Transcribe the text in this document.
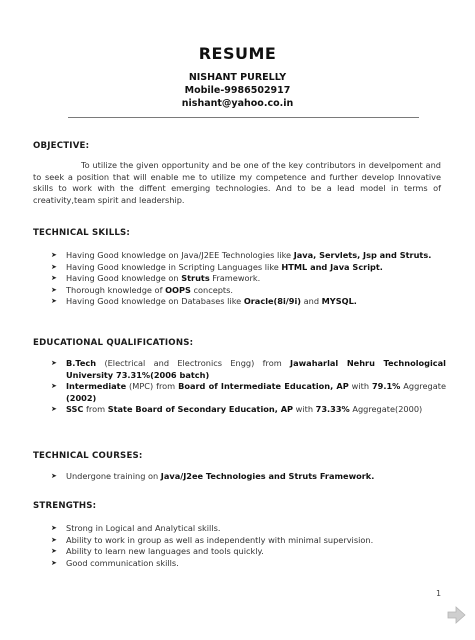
RESUME
NISHANT PURELLY
Mobile-9986502917
nishant@yahoo.co.in
OBJECTIVE:
To utilize the given opportunity and be one of the key contributors in develpoment and to seek a position that will enable me to utilize my competence and further develop Innovative skills to work with the diffent emerging technologies. And to be a lead model in terms of creativity,team spirit and leadership.
TECHNICAL SKILLS:
➤ Having Good knowledge on Java/J2EE Technologies like Java, Servlets, Jsp and Struts.
➤ Having Good knowledge in Scripting Languages like HTML and Java Script.
➤ Having Good knowledge on Struts Framework.
➤ Thorough knowledge of OOPS concepts.
➤ Having Good knowledge on Databases like Oracle(8i/9i) and MYSQL.
EDUCATIONAL QUALIFICATIONS:
➤ B.Tech (Electrical and Electronics Engg) from Jawaharlal Nehru Technological University 73.31%(2006 batch)
➤ Intermediate (MPC) from Board of Intermediate Education, AP with 79.1% Aggregate (2002)
➤ SSC from State Board of Secondary Education, AP with 73.33% Aggregate(2000)
TECHNICAL COURSES:
➤ Undergone training on Java/J2ee Technologies and Struts Framework.
STRENGTHS:
➤ Strong in Logical and Analytical skills.
➤ Ability to work in group as well as independently with minimal supervision.
➤ Ability to learn new languages and tools quickly.
➤ Good communication skills.
1
